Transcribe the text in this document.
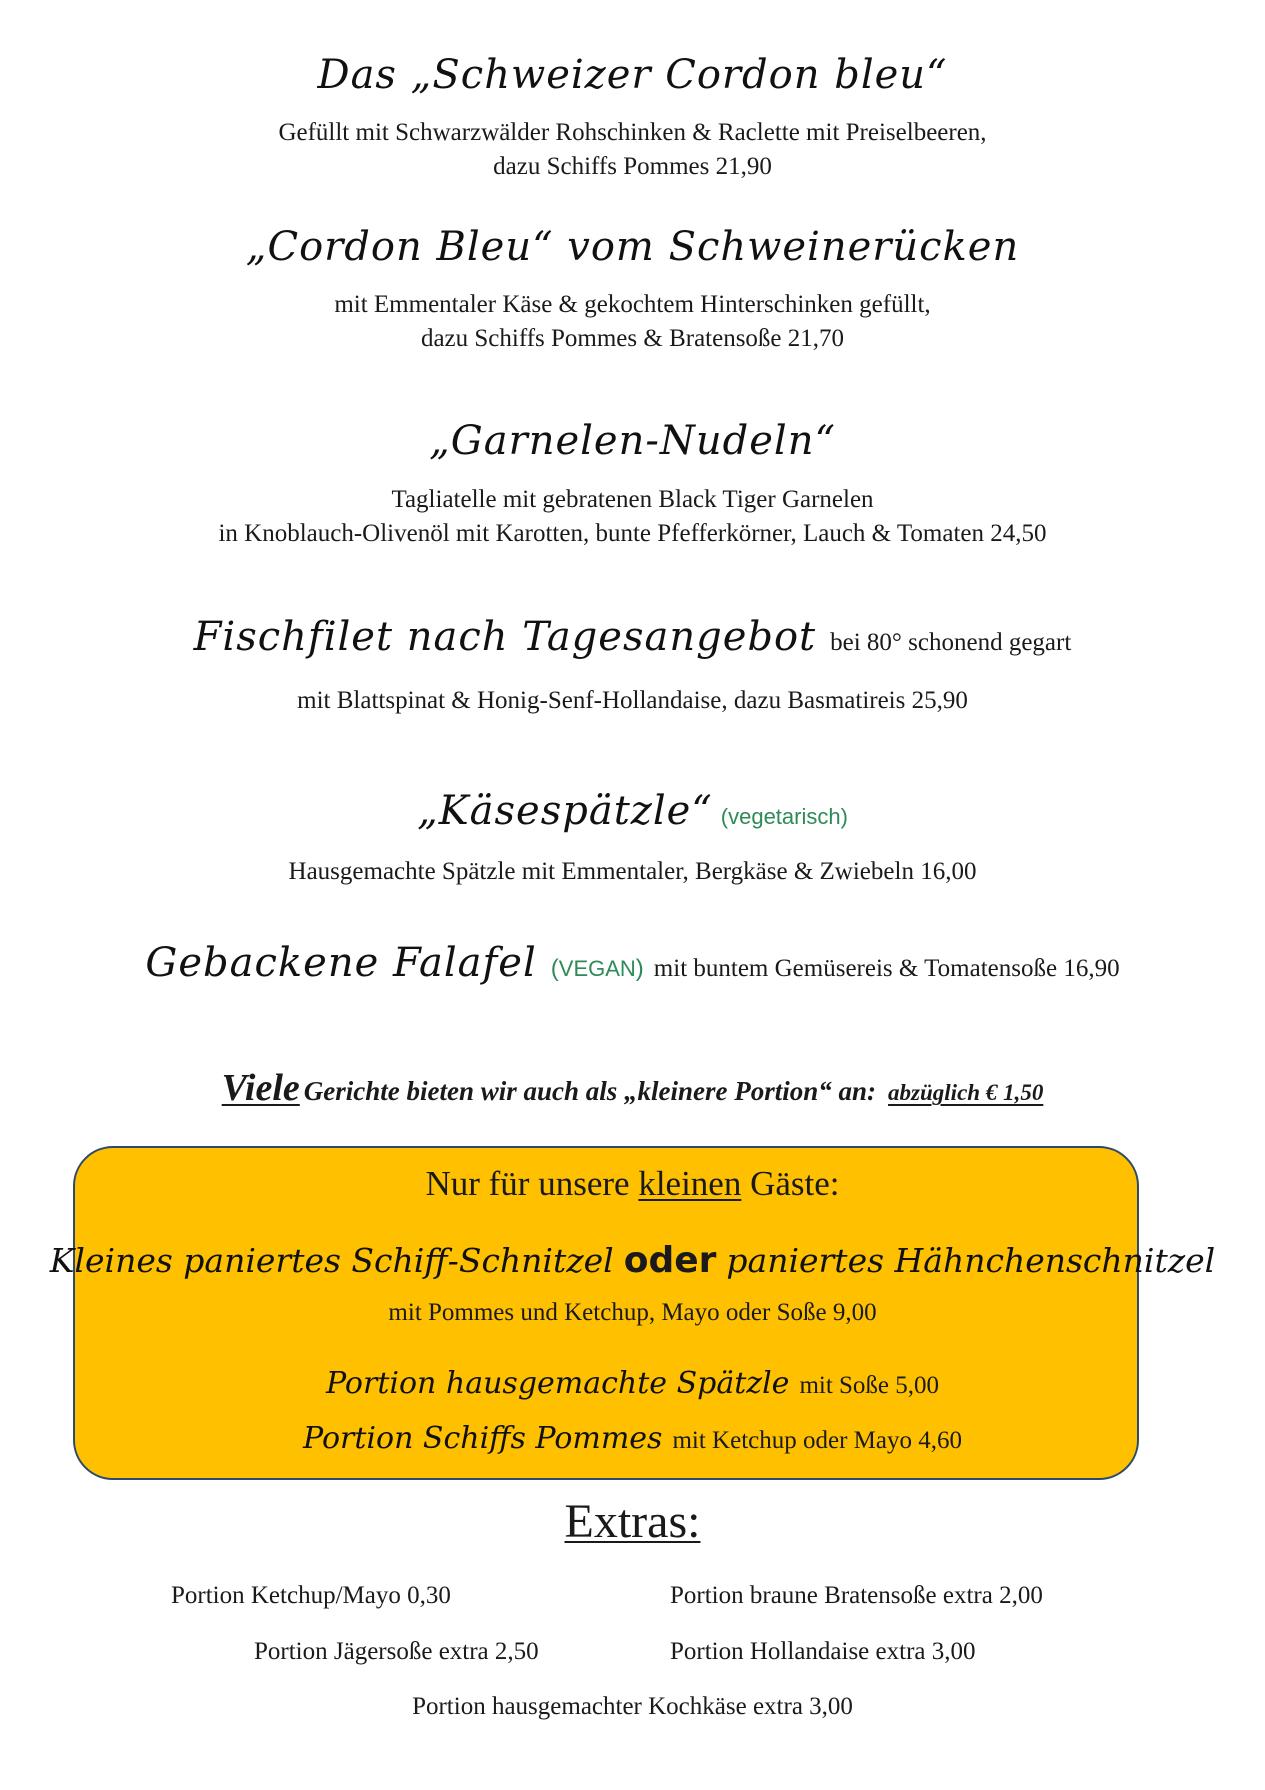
Das „Schweizer Cordon bleu“
Gefüllt mit Schwarzwälder Rohschinken & Raclette mit Preiselbeeren,
dazu Schiffs Pommes 21,90
„Cordon Bleu“ vom Schweinerücken
mit Emmentaler Käse & gekochtem Hinterschinken gefüllt,
dazu Schiffs Pommes & Bratensoße 21,70
„Garnelen-Nudeln“
Tagliatelle mit gebratenen Black Tiger Garnelen
in Knoblauch-Olivenöl mit Karotten, bunte Pfefferkörner, Lauch & Tomaten 24,50
Fischfilet nach Tagesangebot bei 80° schonend gegart
mit Blattspinat & Honig-Senf-Hollandaise, dazu Basmatireis 25,90
„Käsespätzle“ (vegetarisch)
Hausgemachte Spätzle mit Emmentaler, Bergkäse & Zwiebeln 16,00
Gebackene Falafel (VEGAN) mit buntem Gemüsereis & Tomatensoße 16,90
Viele Gerichte bieten wir auch als „kleinere Portion“ an: abzüglich € 1,50
Nur für unsere kleinen Gäste:
Kleines paniertes Schiff-Schnitzel oder paniertes Hähnchenschnitzel
mit Pommes und Ketchup, Mayo oder Soße 9,00
Portion hausgemachte Spätzle mit Soße 5,00
Portion Schiffs Pommes mit Ketchup oder Mayo 4,60
Extras:
Portion Ketchup/Mayo 0,30	Portion braune Bratensoße extra 2,00
Portion Jägersoße extra 2,50	Portion Hollandaise extra 3,00
Portion hausgemachter Kochkäse extra 3,00
